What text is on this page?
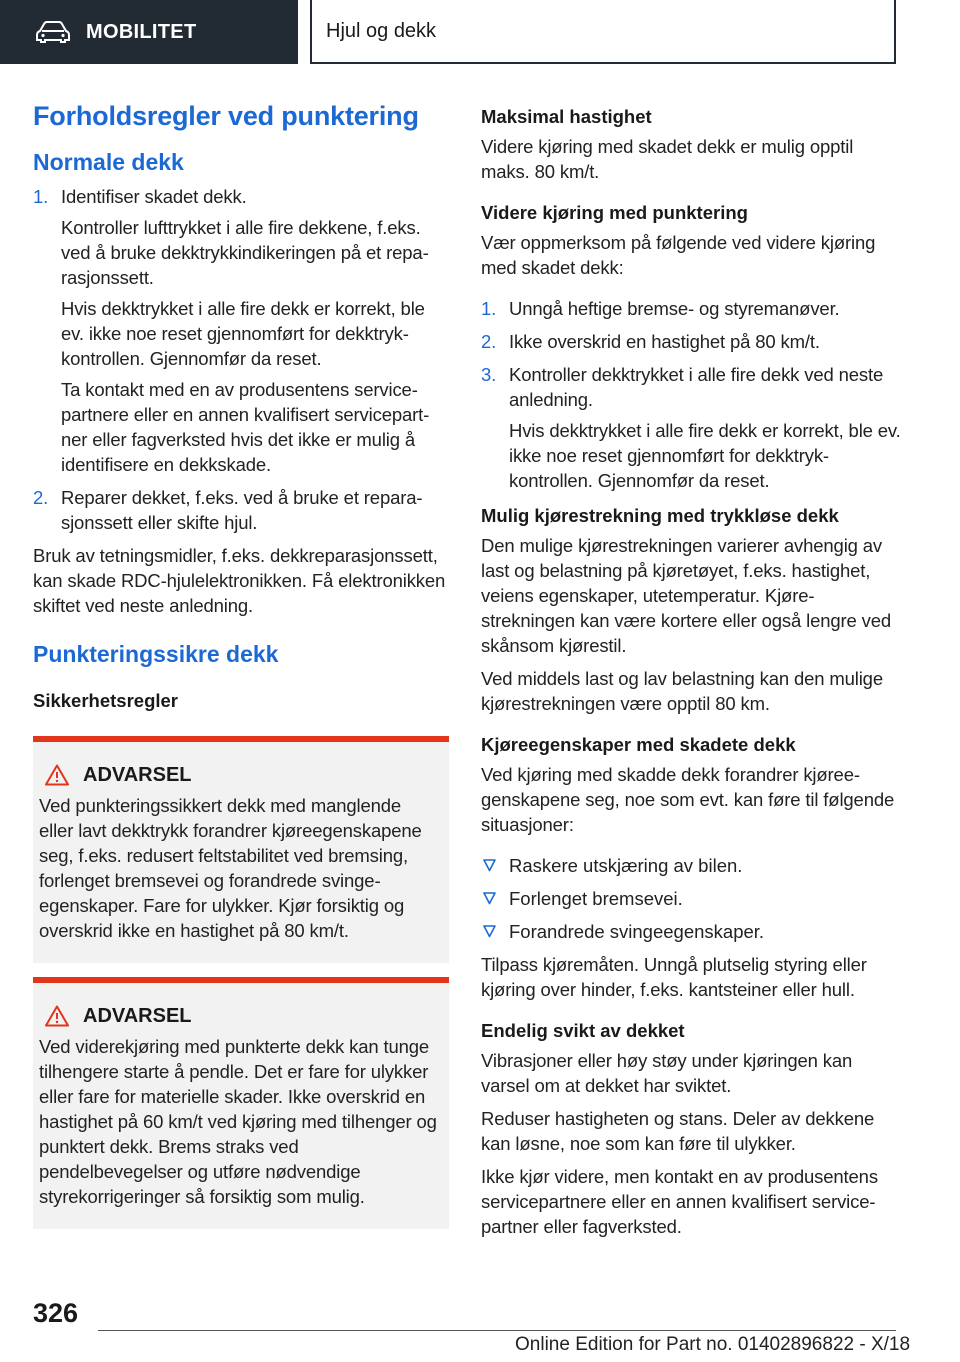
MOBILITET	Hjul og dekk
Forholdsregler ved punktering
Normale dekk
1. Identifiser skadet dekk.

Kontroller lufttrykket i alle fire dekkene, f.eks. ved å bruke dekktrykkindikeringen på et reparasjonssett.

Hvis dekktrykket i alle fire dekk er korrekt, ble ev. ikke noe reset gjennomført for dekktrykkontrollen. Gjennomfør da reset.

Ta kontakt med en av produsentens servicepartnere eller en annen kvalifisert servicepartner eller fagverksted hvis det ikke er mulig å identifisere en dekkskade.

2. Reparer dekket, f.eks. ved å bruke et reparasjonssett eller skifte hjul.

Bruk av tetningsmidler, f.eks. dekkreparasjonssett, kan skade RDC-hjulelektronikken. Få elektronikken skiftet ved neste anledning.

Punkteringssikre dekk
Sikkerhetsregler
ADVARSEL

Ved punkteringssikkert dekk med manglende eller lavt dekktrykk forandrer kjøreegenskapene seg, f.eks. redusert feltstabilitet ved bremsing, forlenget bremsevei og forandrede svingeegenskaper. Fare for ulykker. Kjør forsiktig og overskrid ikke en hastighet på 80 km/t.

ADVARSEL

Ved viderekjøring med punkterte dekk kan tunge tilhengere starte å pendle. Det er fare for ulykker eller fare for materielle skader. Ikke overskrid en hastighet på 60 km/t ved kjøring med tilhenger og punktert dekk. Brems straks ved pendelbevegelser og utføre nødvendige styrekorrigeringer så forsiktig som mulig.

Maksimal hastighet

Videre kjøring med skadet dekk er mulig opptil maks. 80 km/t.

Videre kjøring med punktering

Vær oppmerksom på følgende ved videre kjøring med skadet dekk:

1. Unngå heftige bremse- og styremanøver.
2. Ikke overskrid en hastighet på 80 km/t.
3. Kontroller dekktrykket i alle fire dekk ved neste anledning.

Hvis dekktrykket i alle fire dekk er korrekt, ble ev. ikke noe reset gjennomført for dekktrykkontrollen. Gjennomfør da reset.

Mulig kjørestrekning med trykkløse dekk

Den mulige kjørestrekningen varierer avhengig av last og belastning på kjøretøyet, f.eks. hastighet, veiens egenskaper, utetemperatur. Kjørestrekningen kan være kortere eller også lengre ved skånsom kjørestil.

Ved middels last og lav belastning kan den mulige kjørestrekningen være opptil 80 km.

Kjøreegenskaper med skadete dekk

Ved kjøring med skadde dekk forandrer kjøreegenskapene seg, noe som evt. kan føre til følgende situasjoner:

Raskere utskjæring av bilen.
Forlenget bremsevei.
Forandrede svingeegenskaper.

Tilpass kjøremåten. Unngå plutselig styring eller kjøring over hinder, f.eks. kantsteiner eller hull.

Endelig svikt av dekket

Vibrasjoner eller høy støy under kjøringen kan varsel om at dekket har sviktet.

Reduser hastigheten og stans. Deler av dekkene kan løsne, noe som kan føre til ulykker.

Ikke kjør videre, men kontakt en av produsentens servicepartnere eller en annen kvalifisert servicepartner eller fagverksted.

326
Online Edition for Part no. 01402896822 - X/18
